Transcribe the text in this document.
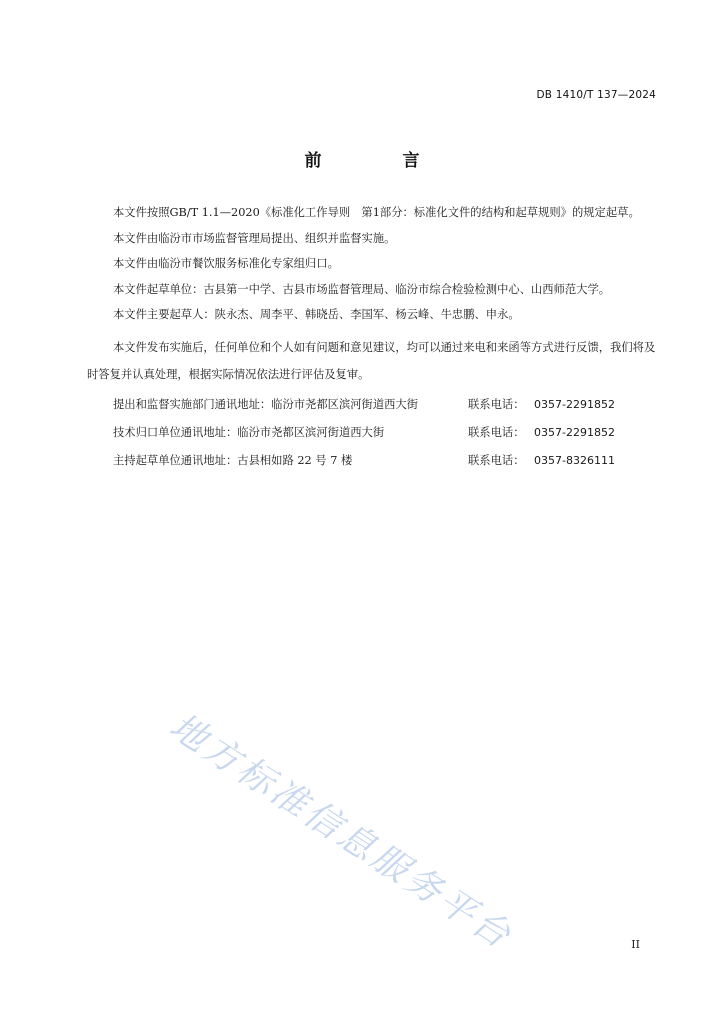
DB 1410/T 137—2024
前　言

本文件按照GB/T 1.1—2020《标准化工作导则　第1部分：标准化文件的结构和起草规则》的规定起草。

本文件由临汾市市场监督管理局提出、组织并监督实施。

本文件由临汾市餐饮服务标准化专家组归口。

本文件起草单位：古县第一中学、古县市场监督管理局、临汾市综合检验检测中心、山西师范大学。

本文件主要起草人：陕永杰、周李平、韩晓岳、李国军、杨云峰、牛忠鹏、申永。

本文件发布实施后，任何单位和个人如有问题和意见建议，均可以通过来电和来函等方式进行反馈，我们将及时答复并认真处理，根据实际情况依法进行评估及复审。

提出和监督实施部门通讯地址：临汾市尧都区滨河街道西大街	联系电话： 0357-2291852
技术归口单位通讯地址：临汾市尧都区滨河街道西大街	联系电话： 0357-2291852
主持起草单位通讯地址：古县相如路 22 号 7 楼	联系电话： 0357-8326111
地方标准信息服务平台	II
